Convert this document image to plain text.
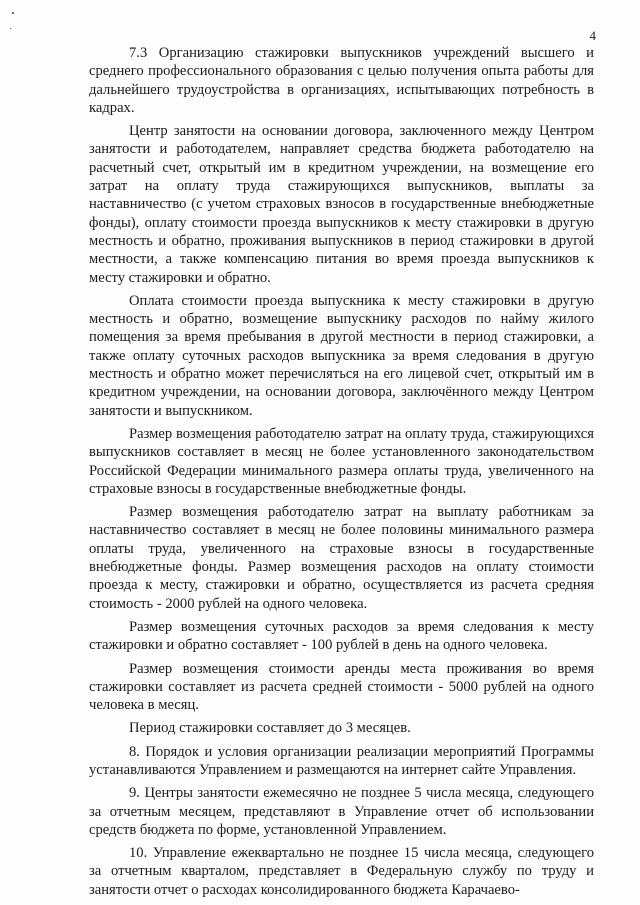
4

7.3 Организацию стажировки выпускников учреждений высшего и среднего профессионального образования с целью получения опыта работы для дальнейшего трудоустройства в организациях, испытывающих потребность в кадрах.

Центр занятости на основании договора, заключенного между Центром занятости и работодателем, направляет средства бюджета работодателю на расчетный счет, открытый им в кредитном учреждении, на возмещение его затрат на оплату труда стажирующихся выпускников, выплаты за наставничество (с учетом страховых взносов в государственные внебюджетные фонды), оплату стоимости проезда выпускников к месту стажировки в другую местность и обратно, проживания выпускников в период стажировки в другой местности, а также компенсацию питания во время проезда выпускников к месту стажировки и обратно.

Оплата стоимости проезда выпускника к месту стажировки в другую местность и обратно, возмещение выпускнику расходов по найму жилого помещения за время пребывания в другой местности в период стажировки, а также оплату суточных расходов выпускника за время следования в другую местность и обратно может перечисляться на его лицевой счет, открытый им в кредитном учреждении, на основании договора, заключённого между Центром занятости и выпускником.

Размер возмещения работодателю затрат на оплату труда, стажирующихся выпускников составляет в месяц не более установленного законодательством Российской Федерации минимального размера оплаты труда, увеличенного на страховые взносы в государственные внебюджетные фонды.

Размер возмещения работодателю затрат на выплату работникам за наставничество составляет в месяц не более половины минимального размера оплаты труда, увеличенного на страховые взносы в государственные внебюджетные фонды. Размер возмещения расходов на оплату стоимости проезда к месту, стажировки и обратно, осуществляется из расчета средняя стоимость - 2000 рублей на одного человека.

Размер возмещения суточных расходов за время следования к месту стажировки и обратно составляет - 100 рублей в день на одного человека.

Размер возмещения стоимости аренды места проживания во время стажировки составляет из расчета средней стоимости - 5000 рублей на одного человека в месяц.

Период стажировки составляет до 3 месяцев.

8. Порядок и условия организации реализации мероприятий Программы устанавливаются Управлением и размещаются на интернет сайте Управления.

9. Центры занятости ежемесячно не позднее 5 числа месяца, следующего за отчетным месяцем, представляют в Управление отчет об использовании средств бюджета по форме, установленной Управлением.

10. Управление ежеквартально не позднее 15 числа месяца, следующего за отчетным кварталом, представляет в Федеральную службу по труду и занятости отчет о расходах консолидированного бюджета Карачаево-
